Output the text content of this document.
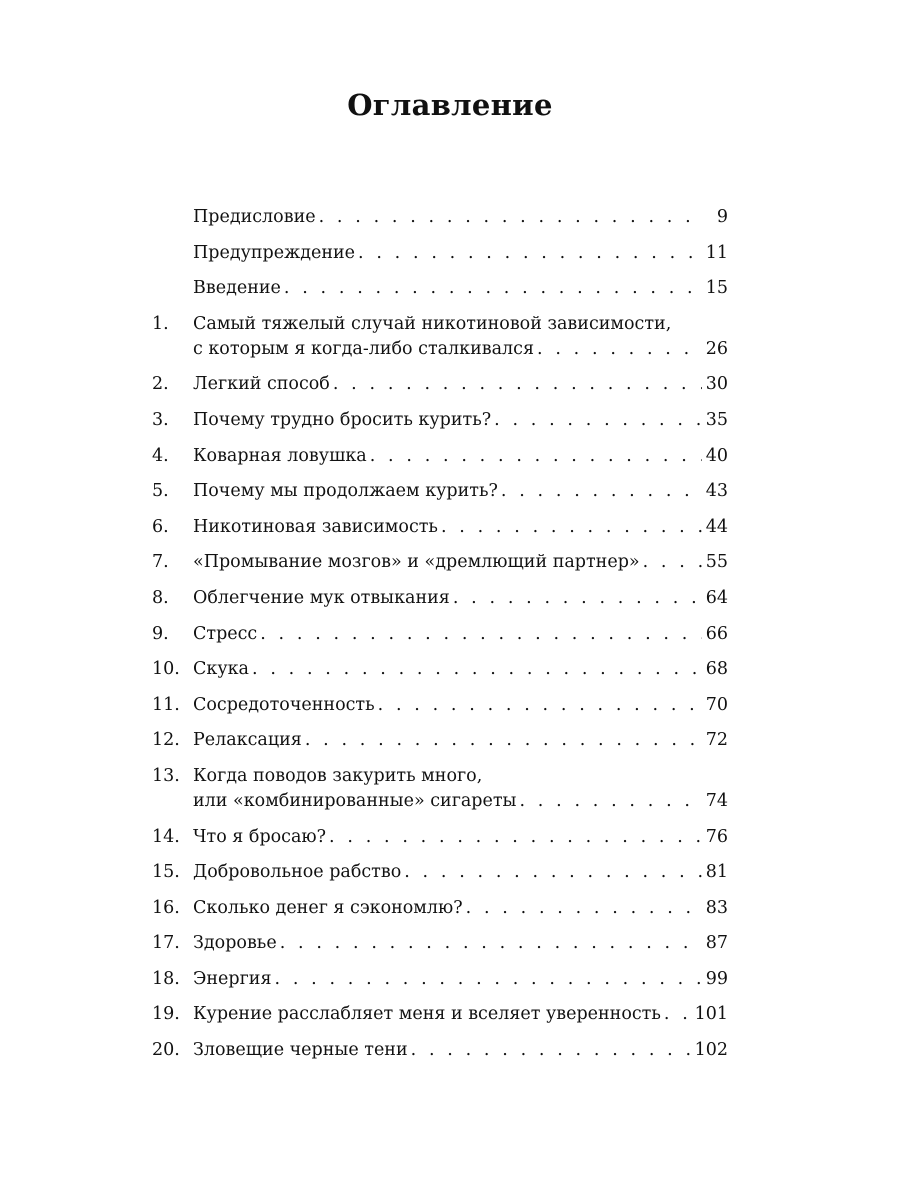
Оглавление
Предисловие . . .	9
Предупреждение . . .	11
Введение . . .	15
1.	Самый тяжелый случай никотиновой зависимости,
с которым я когда-либо сталкивался . . .	26
2.	Легкий способ . . .	30
3.	Почему трудно бросить курить? . . .	35
4.	Коварная ловушка . . .	40
5.	Почему мы продолжаем курить? . . .	43
6.	Никотиновая зависимость . . .	44
7.	«Промывание мозгов» и «дремлющий партнер» . . .	55
8.	Облегчение мук отвыкания . . .	64
9.	Стресс . . .	66
10. Скука . . .	68
11. Сосредоточенность . . .	70
12. Релаксация . . .	72
13. Когда поводов закурить много,
или «комбинированные» сигареты . . .	74
14. Что я бросаю? . . .	76
15. Добровольное рабство . . .	81
16. Сколько денег я сэкономлю? . . .	83
17. Здоровье . . .	87
18. Энергия . . .	99
19. Курение расслабляет меня и вселяет уверенность . . . 101
20. Зловещие черные тени . . .	102
